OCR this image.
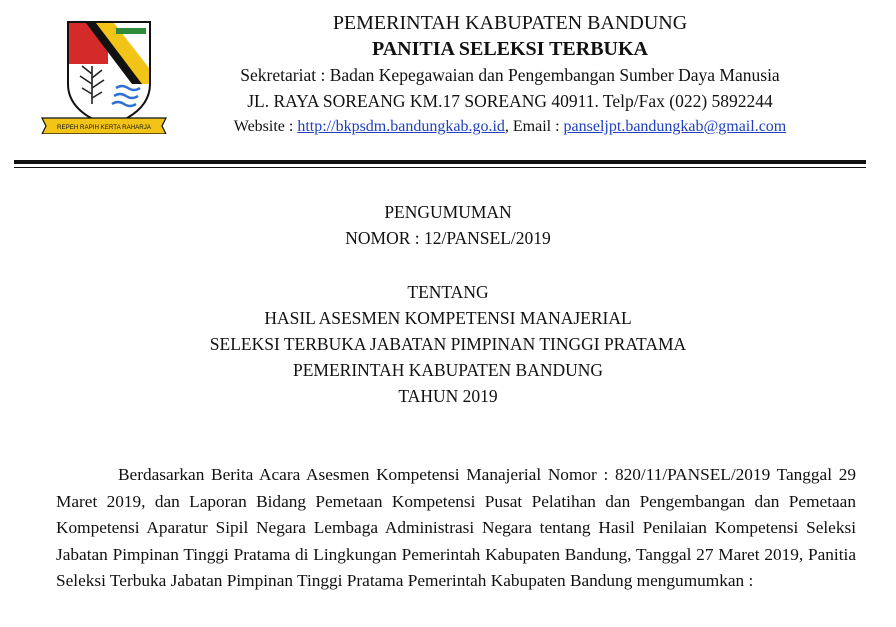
REPEH RAPIH KERTA RAHARJA
PEMERINTAH KABUPATEN BANDUNG
PANITIA SELEKSI TERBUKA
Sekretariat : Badan Kepegawaian dan Pengembangan Sumber Daya Manusia
JL. RAYA SOREANG KM.17 SOREANG 40911. Telp/Fax (022) 5892244
Website : http://bkpsdm.bandungkab.go.id, Email : panseljpt.bandungkab@gmail.com
PENGUMUMAN
NOMOR : 12/PANSEL/2019
TENTANG
HASIL ASESMEN KOMPETENSI MANAJERIAL
SELEKSI TERBUKA JABATAN PIMPINAN TINGGI PRATAMA
PEMERINTAH KABUPATEN BANDUNG
TAHUN 2019
Berdasarkan Berita Acara Asesmen Kompetensi Manajerial Nomor : 820/11/PANSEL/2019 Tanggal 29 Maret 2019, dan Laporan Bidang Pemetaan Kompetensi Pusat Pelatihan dan Pengembangan dan Pemetaan Kompetensi Aparatur Sipil Negara Lembaga Administrasi Negara tentang Hasil Penilaian Kompetensi Seleksi Jabatan Pimpinan Tinggi Pratama di Lingkungan Pemerintah Kabupaten Bandung, Tanggal 27 Maret 2019, Panitia Seleksi Terbuka Jabatan Pimpinan Tinggi Pratama Pemerintah Kabupaten Bandung mengumumkan :
